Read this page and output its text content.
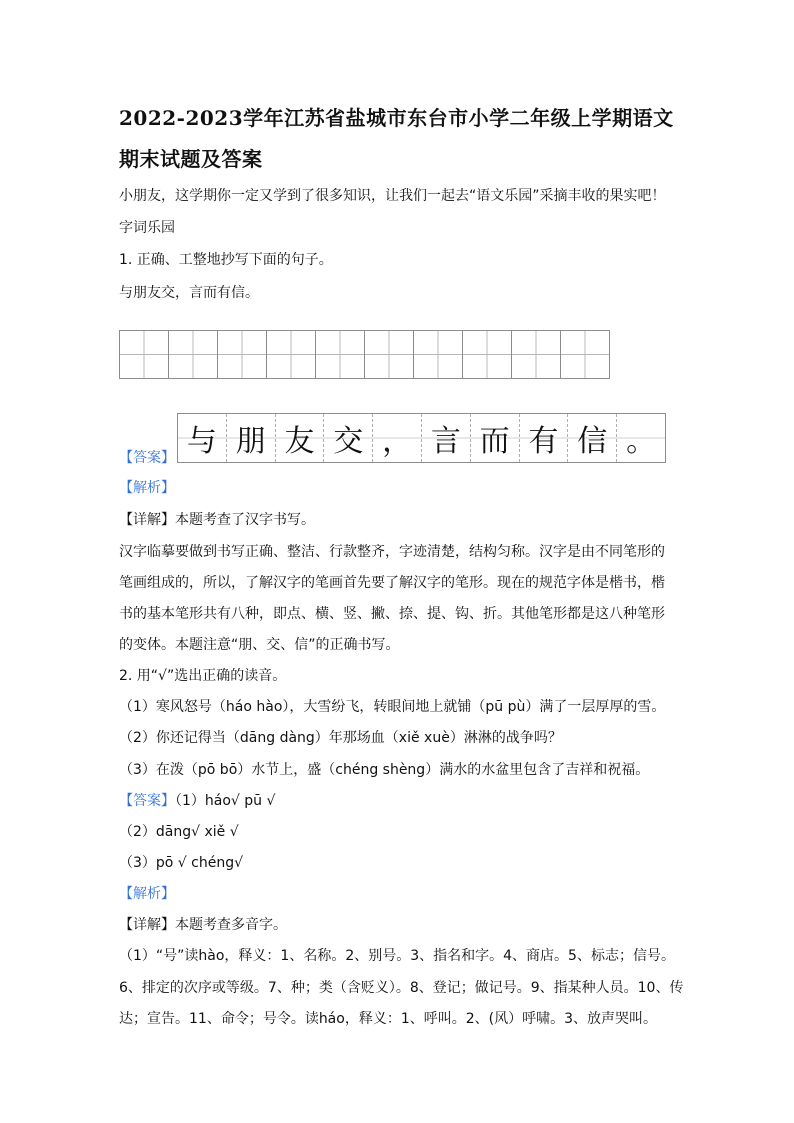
2022-2023学年江苏省盐城市东台市小学二年级上学期语文
期末试题及答案
小朋友，这学期你一定又学到了很多知识，让我们一起去“语文乐园”采摘丰收的果实吧！
字词乐园
1. 正确、工整地抄写下面的句子。
与朋友交，言而有信。
【答案】 与 朋 友 交 ， 言 而 有 信 。
【解析】
【详解】本题考查了汉字书写。
汉字临摹要做到书写正确、整洁、行款整齐，字迹清楚，结构匀称。汉字是由不同笔形的
笔画组成的，所以，了解汉字的笔画首先要了解汉字的笔形。现在的规范字体是楷书，楷
书的基本笔形共有八种，即点、横、竖、撇、捺、提、钩、折。其他笔形都是这八种笔形
的变体。本题注意“朋、交、信”的正确书写。
2. 用“√”选出正确的读音。
（1）寒风怒号（háo hào），大雪纷飞，转眼间地上就铺（pū pù）满了一层厚厚的雪。
（2）你还记得当（dāng dàng）年那场血（xiě xuè）淋淋的战争吗？
（3）在泼（pō bō）水节上，盛（chéng shèng）满水的水盆里包含了吉祥和祝福。
【答案】（1）háo√ pū √
（2）dāng√ xiě √
（3）pō √ chéng√
【解析】
【详解】本题考查多音字。
（1）“号”读hào，释义：1、名称。2、别号。3、指名和字。4、商店。5、标志；信号。
6、排定的次序或等级。7、种；类（含贬义）。8、登记；做记号。9、指某种人员。10、传
达；宣告。11、命令；号令。读háo，释义：1、呼叫。2、(风）呼啸。3、放声哭叫。
